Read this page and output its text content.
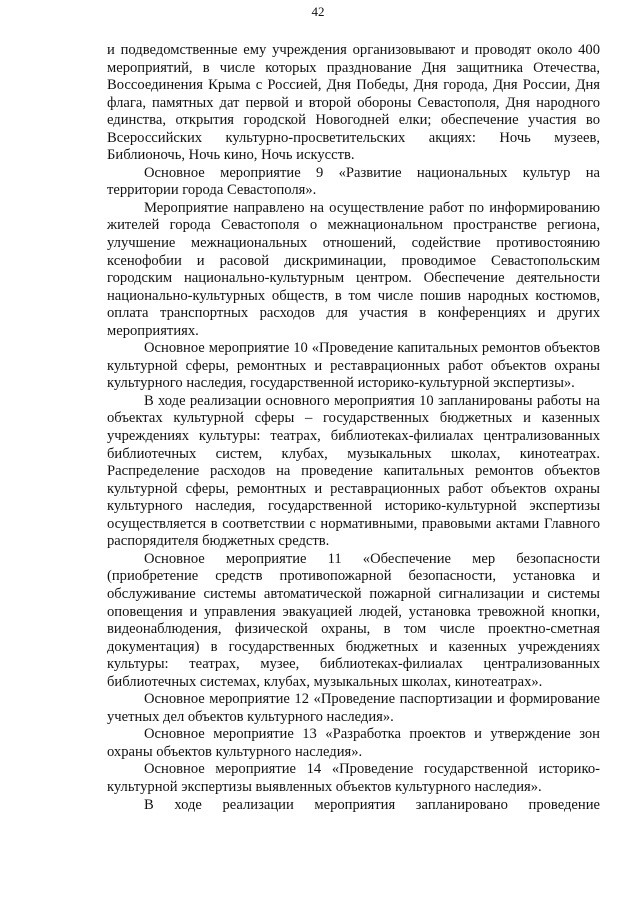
42

и подведомственные ему учреждения организовывают и проводят около 400 мероприятий, в числе которых празднование Дня защитника Отечества, Воссоединения Крыма с Россией, Дня Победы, Дня города, Дня России, Дня флага, памятных дат первой и второй обороны Севастополя, Дня народного единства, открытия городской Новогодней елки; обеспечение участия во Всероссийских культурно-просветительских акциях: Ночь музеев, Библионочь, Ночь кино, Ночь искусств.

Основное мероприятие 9 «Развитие национальных культур на территории города Севастополя».

Мероприятие направлено на осуществление работ по информированию жителей города Севастополя о межнациональном пространстве региона, улучшение межнациональных отношений, содействие противостоянию ксенофобии и расовой дискриминации, проводимое Севастопольским городским национально-культурным центром. Обеспечение деятельности национально-культурных обществ, в том числе пошив народных костюмов, оплата транспортных расходов для участия в конференциях и других мероприятиях.

Основное мероприятие 10 «Проведение капитальных ремонтов объектов культурной сферы, ремонтных и реставрационных работ объектов охраны культурного наследия, государственной историко-культурной экспертизы».

В ходе реализации основного мероприятия 10 запланированы работы на объектах культурной сферы – государственных бюджетных и казенных учреждениях культуры: театрах, библиотеках-филиалах централизованных библиотечных систем, клубах, музыкальных школах, кинотеатрах. Распределение расходов на проведение капитальных ремонтов объектов культурной сферы, ремонтных и реставрационных работ объектов охраны культурного наследия, государственной историко-культурной экспертизы осуществляется в соответствии с нормативными, правовыми актами Главного распорядителя бюджетных средств.

Основное мероприятие 11 «Обеспечение мер безопасности (приобретение средств противопожарной безопасности, установка и обслуживание системы автоматической пожарной сигнализации и системы оповещения и управления эвакуацией людей, установка тревожной кнопки, видеонаблюдения, физической охраны, в том числе проектно-сметная документация) в государственных бюджетных и казенных учреждениях культуры: театрах, музее, библиотеках-филиалах централизованных библиотечных системах, клубах, музыкальных школах, кинотеатрах».

Основное мероприятие 12 «Проведение паспортизации и формирование учетных дел объектов культурного наследия».

Основное мероприятие 13 «Разработка проектов и утверждение зон охраны объектов культурного наследия».

Основное мероприятие 14 «Проведение государственной историко-культурной экспертизы выявленных объектов культурного наследия».

В ходе реализации мероприятия запланировано проведение
